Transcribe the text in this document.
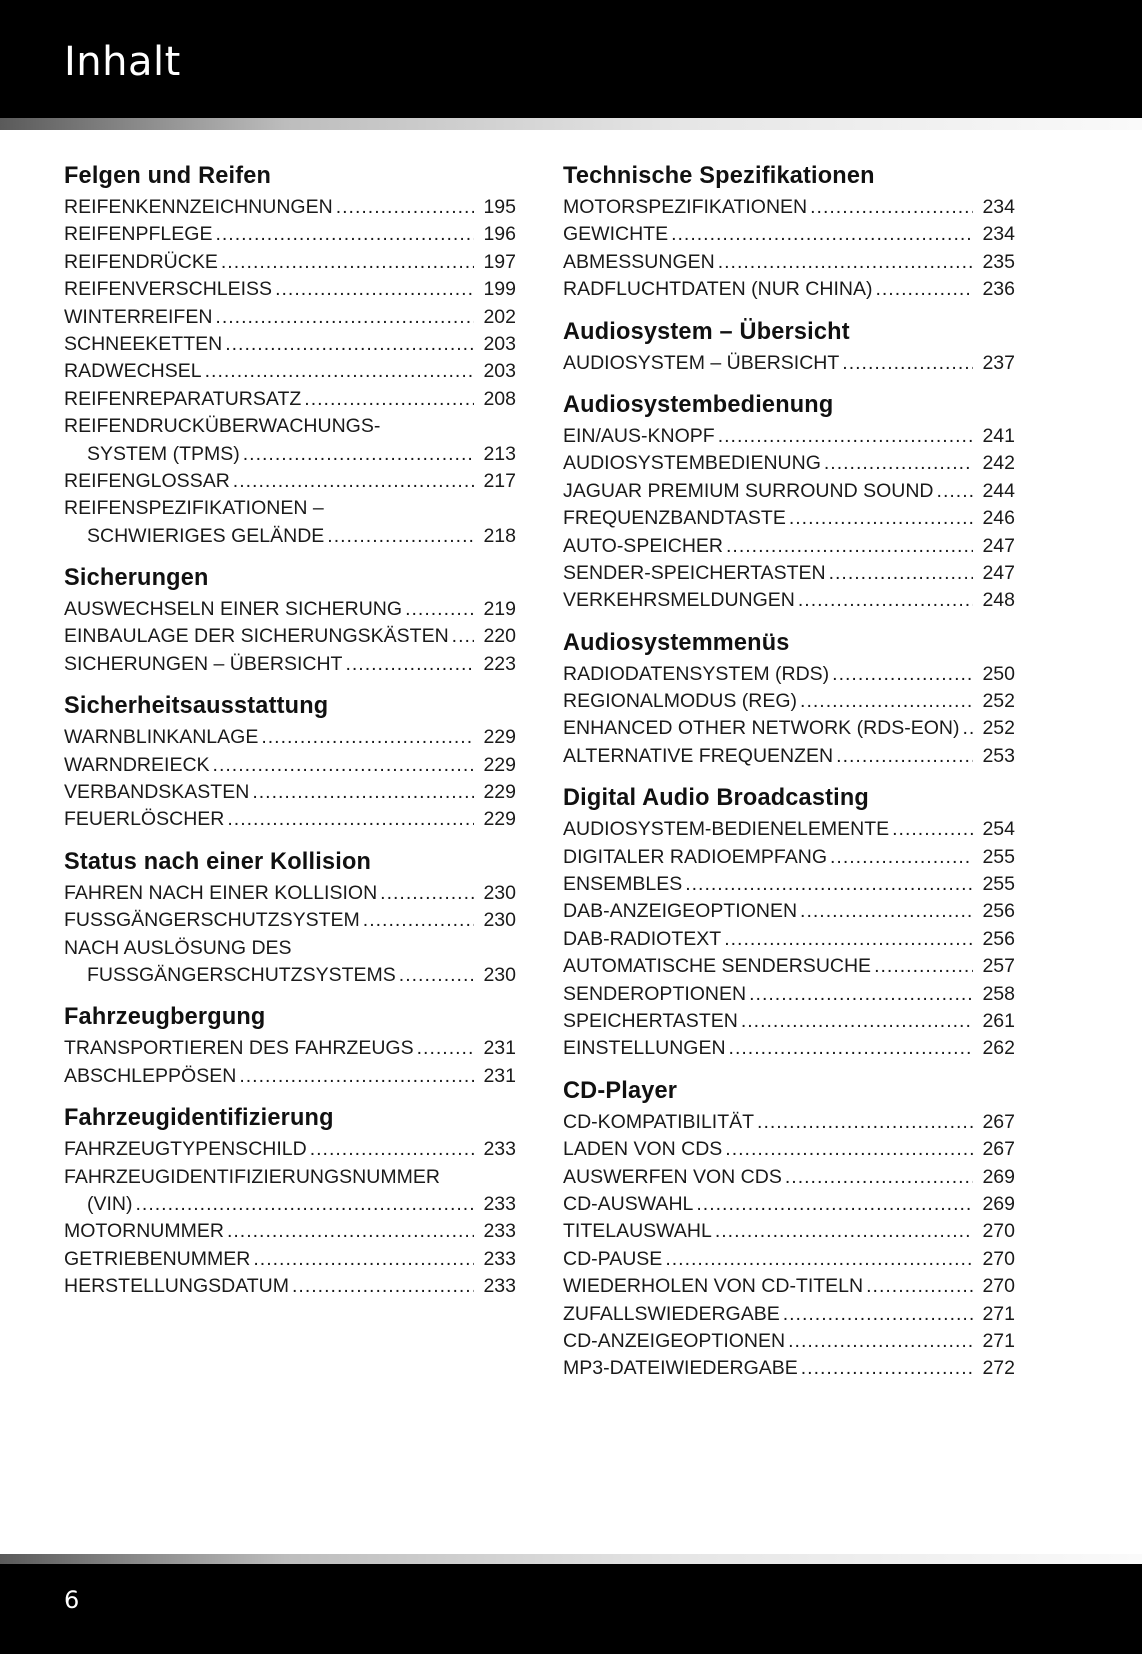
Inhalt
Felgen und Reifen
REIFENKENNZEICHNUNGEN .....	195
REIFENPFLEGE .....	196
REIFENDRÜCKE .....	197
REIFENVERSCHLEISS .....	199
WINTERREIFEN .....	202
SCHNEEKETTEN .....	203
RADWECHSEL .....	203
REIFENREPARATURSATZ .....	208
REIFENDRUCKÜBERWACHUNGS-
SYSTEM (TPMS) .....	213
REIFENGLOSSAR .....	217
REIFENSPEZIFIKATIONEN –
SCHWIERIGES GELÄNDE .....	218
Sicherungen
AUSWECHSELN EINER SICHERUNG .....	219
EINBAULAGE DER SICHERUNGSKÄSTEN ..... 220
SICHERUNGEN – ÜBERSICHT .....	223
Sicherheitsausstattung
WARNBLINKANLAGE .....	229
WARNDREIECK .....	229
VERBANDSKASTEN .....	229
FEUERLÖSCHER .....	229
Status nach einer Kollision
FAHREN NACH EINER KOLLISION .....	230
FUSSGÄNGERSCHUTZSYSTEM .....	230
NACH AUSLÖSUNG DES
FUSSGÄNGERSCHUTZSYSTEMS .....	230
Fahrzeugbergung
TRANSPORTIEREN DES FAHRZEUGS .....	231
ABSCHLEPPÖSEN .....	231
Fahrzeugidentifizierung
FAHRZEUGTYPENSCHILD .....	233
FAHRZEUGIDENTIFIZIERUNGSNUMMER
(VIN) .....	233
MOTORNUMMER .....	233
GETRIEBENUMMER .....	233
HERSTELLUNGSDATUM .....	233
Technische Spezifikationen
MOTORSPEZIFIKATIONEN .....	234
GEWICHTE .....	234
ABMESSUNGEN .....	235
RADFLUCHTDATEN (NUR CHINA) .....	236
Audiosystem – Übersicht
AUDIOSYSTEM – ÜBERSICHT .....	237
Audiosystembedienung
EIN/AUS-KNOPF .....	241
AUDIOSYSTEMBEDIENUNG .....	242
JAGUAR PREMIUM SURROUND SOUND .....	244
FREQUENZBANDTASTE .....	246
AUTO-SPEICHER .....	247
SENDER-SPEICHERTASTEN .....	247
VERKEHRSMELDUNGEN .....	248
Audiosystemmenüs
RADIODATENSYSTEM (RDS) .....	250
REGIONALMODUS (REG) .....	252
ENHANCED OTHER NETWORK (RDS-EON) ..... 252
ALTERNATIVE FREQUENZEN .....	253
Digital Audio Broadcasting
AUDIOSYSTEM-BEDIENELEMENTE .....	254
DIGITALER RADIOEMPFANG .....	255
ENSEMBLES .....	255
DAB-ANZEIGEOPTIONEN .....	256
DAB-RADIOTEXT .....	256
AUTOMATISCHE SENDERSUCHE .....	257
SENDEROPTIONEN .....	258
SPEICHERTASTEN .....	261
EINSTELLUNGEN .....	262
CD-Player
CD-KOMPATIBILITÄT .....	267
LADEN VON CDS .....	267
AUSWERFEN VON CDS .....	269
CD-AUSWAHL .....	269
TITELAUSWAHL .....	270
CD-PAUSE .....	270
WIEDERHOLEN VON CD-TITELN .....	270
ZUFALLSWIEDERGABE .....	271
CD-ANZEIGEOPTIONEN .....	271
MP3-DATEIWIEDERGABE .....	272
6
